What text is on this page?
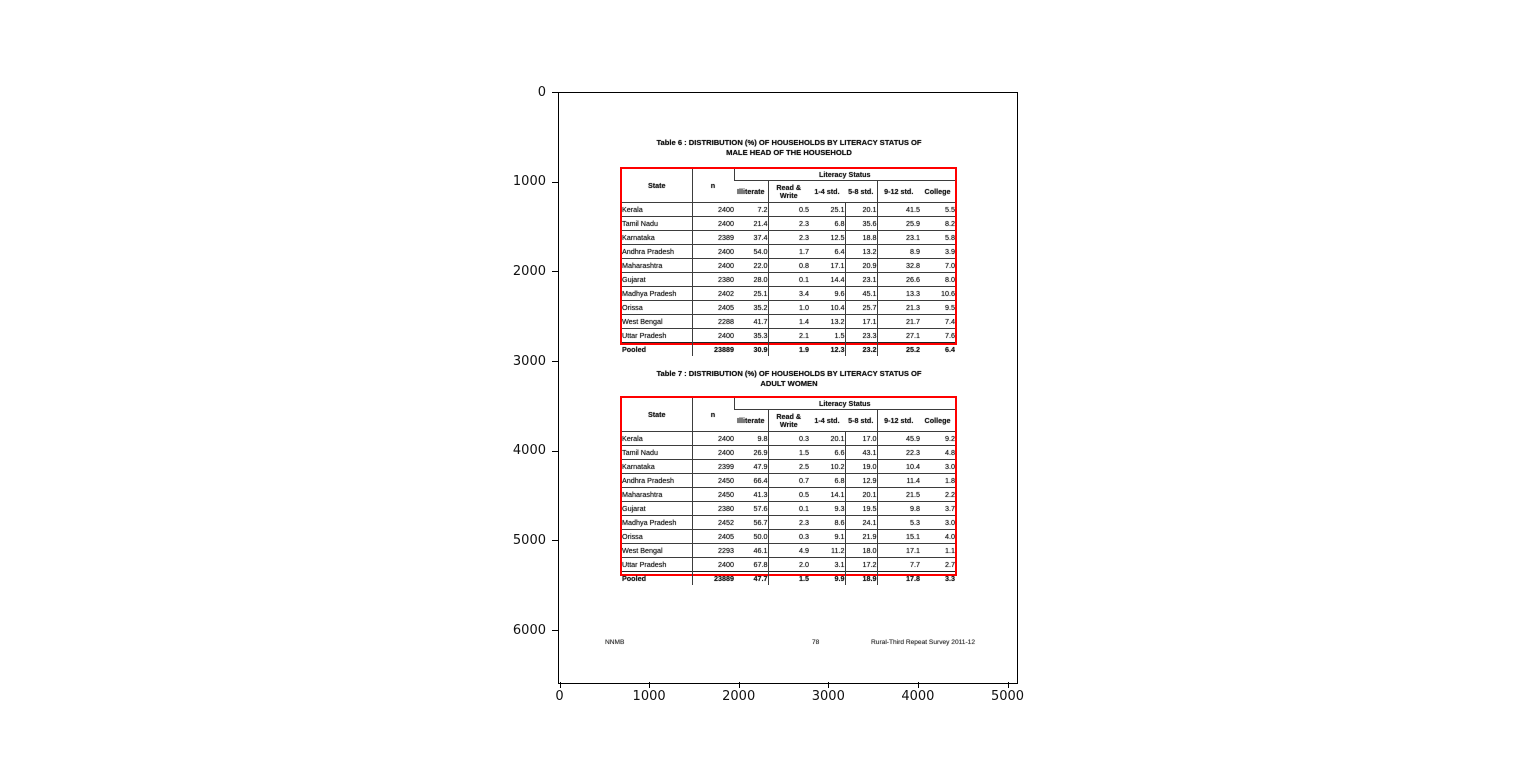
0
1000
2000
3000
4000
5000
6000
0	1000	2000	3000	4000	5000
Table 6 : DISTRIBUTION (%) OF HOUSEHOLDS BY LITERACY STATUS OF
MALE HEAD OF THE HOUSEHOLD
State	n	Literacy Status					
		Illiterate	Read & Write	1-4 std.	5-8 std.	9-12 std.	College
Kerala	2400	7.2	0.5	25.1	20.1	41.5	5.5
Tamil Nadu	2400	21.4	2.3	6.8	35.6	25.9	8.2
Karnataka	2389	37.4	2.3	12.5	18.8	23.1	5.8
Andhra Pradesh	2400	54.0	1.7	6.4	13.2	8.9	3.9
Maharashtra	2400	22.0	0.8	17.1	20.9	32.8	7.0
Gujarat	2380	28.0	0.1	14.4	23.1	26.6	8.0
Madhya Pradesh	2402	25.1	3.4	9.6	45.1	13.3	10.6
Orissa	2405	35.2	1.0	10.4	25.7	21.3	9.5
West Bengal	2288	41.7	1.4	13.2	17.1	21.7	7.4
Uttar Pradesh	2400	35.3	2.1	1.5	23.3	27.1	7.6
Pooled	23889	30.9	1.9	12.3	23.2	25.2	6.4
Table 7 : DISTRIBUTION (%) OF HOUSEHOLDS BY LITERACY STATUS OF
ADULT WOMEN
State	n	Literacy Status					
		Illiterate	Read & Write	1-4 std.	5-8 std.	9-12 std.	College
Kerala	2400	9.8	0.3	20.1	17.0	45.9	9.2
Tamil Nadu	2400	26.9	1.5	6.6	43.1	22.3	4.8
Karnataka	2399	47.9	2.5	10.2	19.0	10.4	3.0
Andhra Pradesh	2450	66.4	0.7	6.8	12.9	11.4	1.8
Maharashtra	2450	41.3	0.5	14.1	20.1	21.5	2.2
Gujarat	2380	57.6	0.1	9.3	19.5	9.8	3.7
Madhya Pradesh	2452	56.7	2.3	8.6	24.1	5.3	3.0
Orissa	2405	50.0	0.3	9.1	21.9	15.1	4.0
West Bengal	2293	46.1	4.9	11.2	18.0	17.1	1.1
Uttar Pradesh	2400	67.8	2.0	3.1	17.2	7.7	2.7
Pooled	23889	47.7	1.5	9.9	18.9	17.8	3.3
NNMB	78	Rural-Third Repeat Survey 2011-12
